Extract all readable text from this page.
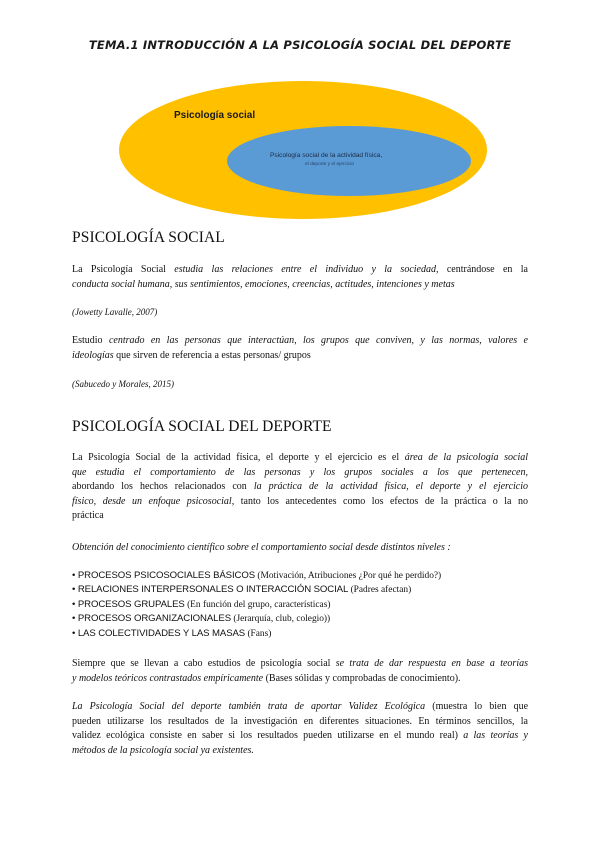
TEMA.1 INTRODUCCIÓN A LA PSICOLOGÍA SOCIAL DEL DEPORTE
Psicología social
Psicología social de la actividad física,
el deporte y el ejercicio
PSICOLOGÍA SOCIAL
La Psicología Social estudia las relaciones entre el individuo y la sociedad, centrándose en la
conducta social humana, sus sentimientos, emociones, creencias, actitudes, intenciones y metas
(Jowetty Lavalle, 2007)
Estudio centrado en las personas que interactúan, los grupos que conviven, y las normas, valores e
ideologías que sirven de referencia a estas personas/ grupos
(Sabucedo y Morales, 2015)
PSICOLOGÍA SOCIAL DEL DEPORTE
La Psicología Social de la actividad física, el deporte y el ejercicio es el área de la psicología social
que estudia el comportamiento de las personas y los grupos sociales a los que pertenecen,
abordando los hechos relacionados con la práctica de la actividad física, el deporte y el ejercicio
físico, desde un enfoque psicosocial, tanto los antecedentes como los efectos de la práctica o la no
práctica
Obtención del conocimiento científico sobre el comportamiento social desde distintos niveles :
• PROCESOS PSICOSOCIALES BÁSICOS (Motivación, Atribuciones ¿Por qué he perdido?)
• RELACIONES INTERPERSONALES O INTERACCIÓN SOCIAL (Padres afectan)
• PROCESOS GRUPALES (En función del grupo, características)
• PROCESOS ORGANIZACIONALES (Jerarquía, club, colegio))
• LAS COLECTIVIDADES Y LAS MASAS (Fans)
Siempre que se llevan a cabo estudios de psicología social se trata de dar respuesta en base a teorías
y modelos teóricos contrastados empíricamente (Bases sólidas y comprobadas de conocimiento).
La Psicología Social del deporte también trata de aportar Validez Ecológica (muestra lo bien que
pueden utilizarse los resultados de la investigación en diferentes situaciones. En términos sencillos, la
validez ecológica consiste en saber si los resultados pueden utilizarse en el mundo real) a las teorías y
métodos de la psicología social ya existentes.
